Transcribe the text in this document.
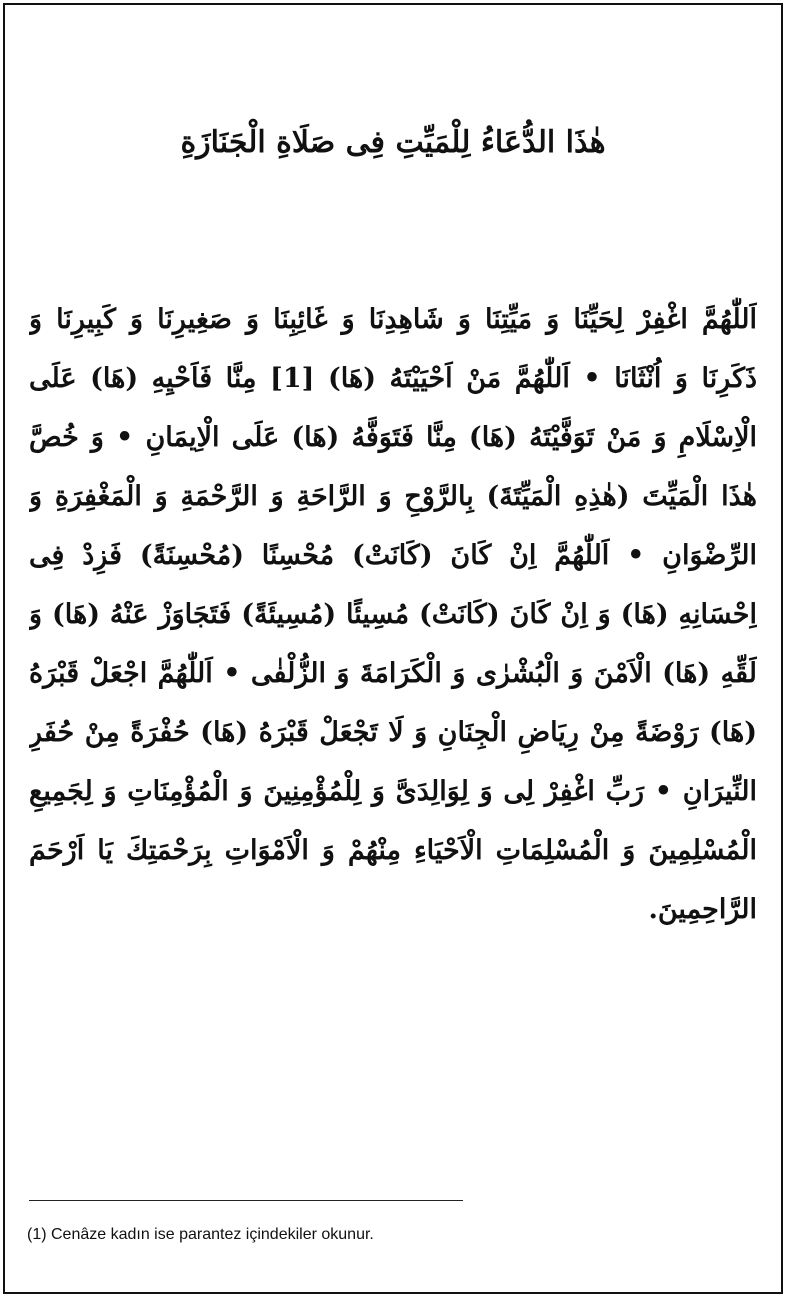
هٰذَا الدُّعَاءُ لِلْمَيِّتِ فِى صَلَاةِ الْجَنَازَةِ

اَللّٰهُمَّ اغْفِرْ لِحَيِّنَا وَ مَيِّتِنَا وَ شَاهِدِنَا وَ غَائِبِنَا وَ صَغِيرِنَا وَ كَبِيرِنَا وَ ذَكَرِنَا وَ اُنْثَانَا • اَللّٰهُمَّ مَنْ اَحْيَيْتَهُ (هَا) [1] مِنَّا فَاَحْيِهِ (هَا) عَلَى الْاِسْلَامِ وَ مَنْ تَوَفَّيْتَهُ (هَا) مِنَّا فَتَوَفَّهُ (هَا) عَلَى الْاِيمَانِ • وَ خُصَّ هٰذَا الْمَيِّتَ (هٰذِهِ الْمَيِّتَةَ) بِالرَّوْحِ وَ الرَّاحَةِ وَ الرَّحْمَةِ وَ الْمَغْفِرَةِ وَ الرِّضْوَانِ • اَللّٰهُمَّ اِنْ كَانَ (كَانَتْ) مُحْسِنًا (مُحْسِنَةً) فَزِدْ فِى اِحْسَانِهِ (هَا) وَ اِنْ كَانَ (كَانَتْ) مُسِيئًا (مُسِيئَةً) فَتَجَاوَزْ عَنْهُ (هَا) وَ لَقِّهِ (هَا) الْاَمْنَ وَ الْبُشْرٰى وَ الْكَرَامَةَ وَ الزُّلْفٰى • اَللّٰهُمَّ اجْعَلْ قَبْرَهُ (هَا) رَوْضَةً مِنْ رِيَاضِ الْجِنَانِ وَ لَا تَجْعَلْ قَبْرَهُ (هَا) حُفْرَةً مِنْ حُفَرِ النِّيرَانِ • رَبِّ اغْفِرْ لِى وَ لِوَالِدَىَّ وَ لِلْمُؤْمِنِينَ وَ الْمُؤْمِنَاتِ وَ لِجَمِيعِ الْمُسْلِمِينَ وَ الْمُسْلِمَاتِ الْاَحْيَاءِ مِنْهُمْ وَ الْاَمْوَاتِ بِرَحْمَتِكَ يَا اَرْحَمَ الرَّاحِمِينَ.

(1) Cenâze kadın ise parantez içindekiler okunur.
